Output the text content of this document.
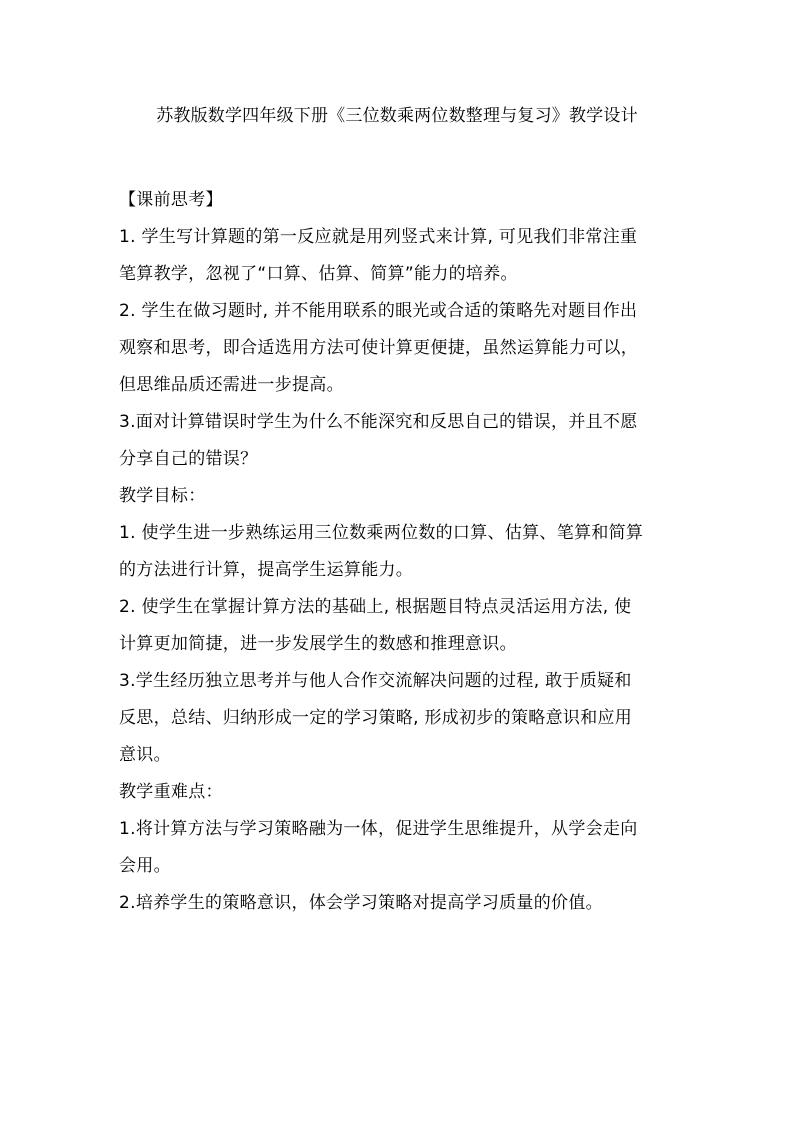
苏教版数学四年级下册《三位数乘两位数整理与复习》教学设计
【课前思考】
1. 学生写计算题的第一反应就是用列竖式来计算, 可见我们非常注重
笔算教学，忽视了“口算、估算、简算”能力的培养。
2. 学生在做习题时, 并不能用联系的眼光或合适的策略先对题目作出
观察和思考，即合适选用方法可使计算更便捷，虽然运算能力可以，
但思维品质还需进一步提高。
3.面对计算错误时学生为什么不能深究和反思自己的错误，并且不愿
分享自己的错误？
教学目标：
1. 使学生进一步熟练运用三位数乘两位数的口算、估算、笔算和简算
的方法进行计算，提高学生运算能力。
2. 使学生在掌握计算方法的基础上, 根据题目特点灵活运用方法, 使
计算更加简捷，进一步发展学生的数感和推理意识。
3.学生经历独立思考并与他人合作交流解决问题的过程, 敢于质疑和
反思，总结、归纳形成一定的学习策略, 形成初步的策略意识和应用
意识。
教学重难点：
1.将计算方法与学习策略融为一体，促进学生思维提升，从学会走向
会用。
2.培养学生的策略意识，体会学习策略对提高学习质量的价值。
